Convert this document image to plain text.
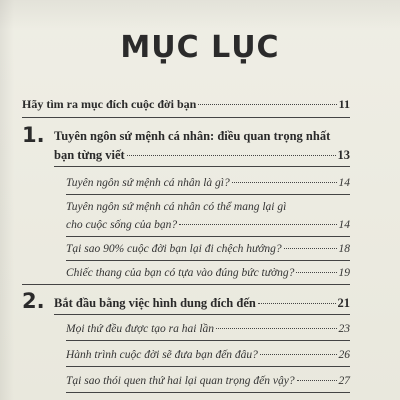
MỤC LỤC
Hãy tìm ra mục đích cuộc đời bạn	11
1. Tuyên ngôn sứ mệnh cá nhân: điều quan trọng nhất
bạn từng viết	13
Tuyên ngôn sứ mệnh cá nhân là gì?	14
Tuyên ngôn sứ mệnh cá nhân có thể mang lại gì
cho cuộc sống của bạn?	14
Tại sao 90% cuộc đời bạn lại đi chệch hướng?	18
Chiếc thang của bạn có tựa vào đúng bức tường?	19
2. Bắt đầu bằng việc hình dung đích đến	21
Mọi thứ đều được tạo ra hai lần	23
Hành trình cuộc đời sẽ đưa bạn đến đâu?	26
Tại sao thói quen thứ hai lại quan trọng đến vậy?	27
